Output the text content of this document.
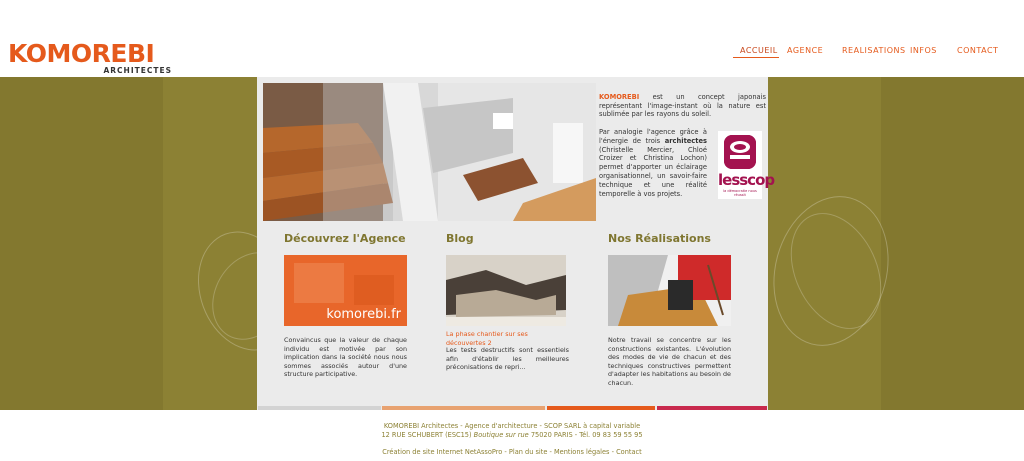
KOMOREBI
ARCHITECTES
ACCUEIL AGENCE REALISATIONS INFOS	CONTACT
KOMOREBI est un concept japonais représentant l'image-instant où la nature est sublimée par les rayons du soleil.
Par analogie l'agence grâce à l'énergie de trois architectes (Christelle Mercier, Chloé Croizer et Christina Lochon) permet d'apporter un éclairage organisationnel, un savoir-faire technique et une réalité temporelle à vos projets.
lesscop
la démocratie nous réussit
Découvrez l'Agence
komorebi.fr
Convaincus que la valeur de chaque individu est motivée par son implication dans la société nous nous sommes associés autour d'une structure participative.
Blog
La phase chantier sur ses découvertes 2
Les tests destructifs sont essentiels afin d'établir les meilleures préconisations de repri...
Nos Réalisations
Notre travail se concentre sur les constructions existantes. L'évolution des modes de vie de chacun et des techniques constructives permettent d'adapter les habitations au besoin de chacun.
KOMOREBI Architectes - Agence d'architecture - SCOP SARL à capital variable
12 RUE SCHUBERT (ESC15) Boutique sur rue 75020 PARIS - Tél. 09 83 59 55 95
Création de site Internet NetAssoPro - Plan du site - Mentions légales - Contact
